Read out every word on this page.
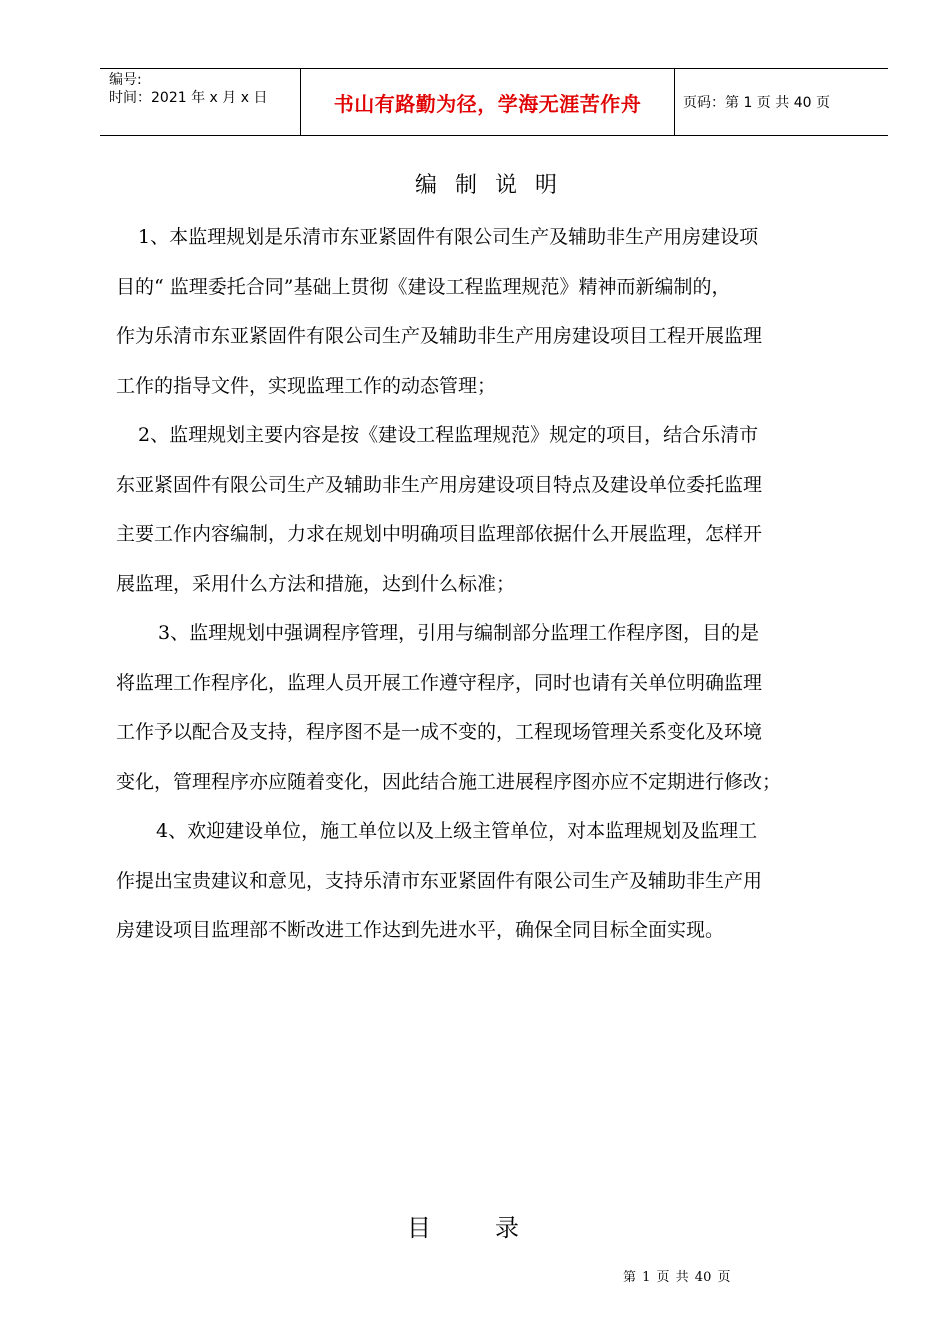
编号:
时间：2021 年 x 月 x 日	书山有路勤为径，学海无涯苦作舟	页码：第 1 页 共 40 页
编制说明
1、本监理规划是乐清市东亚紧固件有限公司生产及辅助非生产用房建设项
目的“ 监理委托合同”基础上贯彻《建设工程监理规范》精神而新编制的，
作为乐清市东亚紧固件有限公司生产及辅助非生产用房建设项目工程开展监理
工作的指导文件，实现监理工作的动态管理；
2、监理规划主要内容是按《建设工程监理规范》规定的项目，结合乐清市
东亚紧固件有限公司生产及辅助非生产用房建设项目特点及建设单位委托监理
主要工作内容编制，力求在规划中明确项目监理部依据什么开展监理，怎样开
展监理，采用什么方法和措施，达到什么标准；
3、监理规划中强调程序管理，引用与编制部分监理工作程序图，目的是
将监理工作程序化，监理人员开展工作遵守程序，同时也请有关单位明确监理
工作予以配合及支持，程序图不是一成不变的，工程现场管理关系变化及环境
变化，管理程序亦应随着变化，因此结合施工进展程序图亦应不定期进行修改；
4、欢迎建设单位，施工单位以及上级主管单位，对本监理规划及监理工
作提出宝贵建议和意见，支持乐清市东亚紧固件有限公司生产及辅助非生产用
房建设项目监理部不断改进工作达到先进水平，确保全同目标全面实现。
目录
第 1 页 共 40 页
